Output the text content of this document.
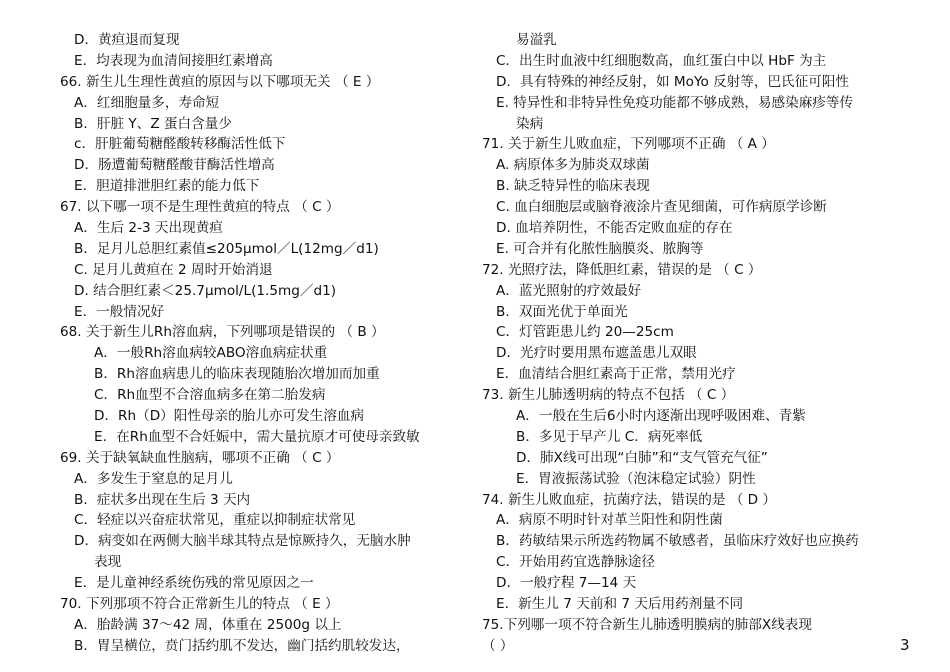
D．黄疸退而复现
E．均表现为血清间接胆红素增高
66. 新生儿生理性黄疸的原因与以下哪项无关 （ E ）
A．红细胞量多，寿命短
B．肝脏 Y、Z 蛋白含量少
c．肝脏葡萄糖醛酸转移酶活性低下
D．肠遭葡萄糖醛酸苷酶活性增高
E．胆道排泄胆红素的能力低下
67. 以下哪一项不是生理性黄疸的特点 （ C ）
A．生后 2-3 天出现黄疸
B．足月儿总胆红素值≤205μmol／L(12mg／d1)
C. 足月儿黄疸在 2 周时开始消退
D. 结合胆红素＜25.7μmol/L(1.5mg／d1)
E．一般情况好
68. 关于新生儿Rh溶血病，下列哪项是错误的 （ B ）
A．一般Rh溶血病较ABO溶血病症状重
B．Rh溶血病患儿的临床表现随胎次增加而加重
C．Rh血型不合溶血病多在第二胎发病
D．Rh（D）阳性母亲的胎儿亦可发生溶血病
E．在Rh血型不合妊娠中，需大量抗原才可使母亲致敏
69. 关于缺氧缺血性脑病，哪项不正确 （ C ）
A．多发生于窒息的足月儿
B．症状多出现在生后 3 天内
C．轻症以兴奋症状常见，重症以抑制症状常见
D．病变如在两侧大脑半球其特点是惊厥持久，无脑水肿
表现
E．是儿童神经系统伤残的常见原因之一
70. 下列那项不符合正常新生儿的特点 （ E ）
A．胎龄满 37～42 周，体重在 2500g 以上
B．胃呈横位，贲门括约肌不发达，幽门括约肌较发达，
易溢乳
C．出生时血液中红细胞数高，血红蛋白中以 HbF 为主
D．具有特殊的神经反射，如 MoYo 反射等，巴氏征可阳性
E. 特异性和非特异性免疫功能都不够成熟，易感染麻疹等传
染病
71. 关于新生儿败血症，下列哪项不正确 （ A ）
A. 病原体多为肺炎双球菌
B. 缺乏特异性的临床表现
C. 血白细胞层或脑脊液涂片查见细菌，可作病原学诊断
D. 血培养阴性，不能否定败血症的存在
E. 可合并有化脓性脑膜炎、脓胸等
72. 光照疗法，降低胆红素，错误的是 （ C ）
A．蓝光照射的疗效最好
B．双面光优于单面光
C．灯管距患儿约 20—25cm
D．光疗时要用黑布遮盖患儿双眼
E．血清结合胆红素高于正常，禁用光疗
73. 新生儿肺透明病的特点不包括 （ C ）
A．一般在生后6小时内逐渐出现呼吸困难、青紫
B．多见于早产儿 C．病死率低
D．肺X线可出现“白肺”和“支气管充气征”
E．胃液振荡试验（泡沫稳定试验）阴性
74. 新生儿败血症，抗菌疗法，错误的是 （ D ）
A．病原不明时针对革兰阳性和阴性菌
B．药敏结果示所选药物属不敏感者，虽临床疗效好也应换药
C．开始用药宜选静脉途径
D．一般疗程 7—14 天
E．新生儿 7 天前和 7 天后用药剂量不同
75.下列哪一项不符合新生儿肺透明膜病的肺部X线表现
（ ）	3
